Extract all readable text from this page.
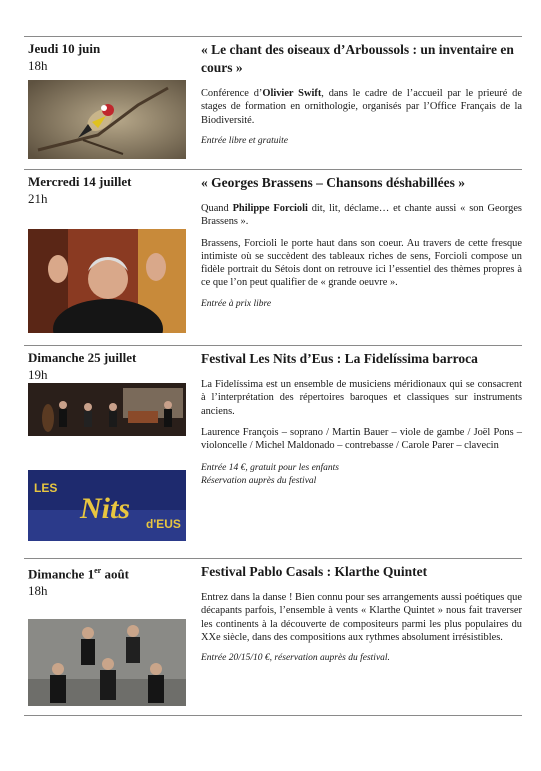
Jeudi 10 juin
18h
« Le chant des oiseaux d’Arboussols : un inventaire en cours »

Conférence d’Olivier Swift, dans le cadre de l’accueil par le prieuré de stages de formation en ornithologie, organisés par l’Office Français de la Biodiversité.

Entrée libre et gratuite

Mercredi 14 juillet
21h
« Georges Brassens – Chansons déshabillées »

Quand Philippe Forcioli dit, lit, déclame… et chante aussi « son Georges Brassens ».

Brassens, Forcioli le porte haut dans son coeur. Au travers de cette fresque intimiste où se succèdent des tableaux riches de sens, Forcioli compose un fidèle portrait du Sétois dont on retrouve ici l’essentiel des thèmes propres à ce que l’on peut qualifier de « grande oeuvre ».

Entrée à prix libre

Dimanche 25 juillet
19h
LES
Nits d'EUS
Festival Les Nits d’Eus : La Fidelíssima barroca

La Fidelíssima est un ensemble de musiciens méridionaux qui se consacrent à l’interprétation des répertoires baroques et classiques sur instruments anciens.

Laurence François – soprano / Martin Bauer – viole de gambe / Joël Pons – violoncelle / Michel Maldonado – contrebasse / Carole Parer – clavecin

Entrée 14 €, gratuit pour les enfants

Réservation auprès du festival

Dimanche 1er août
18h
Festival Pablo Casals : Klarthe Quintet

Entrez dans la danse ! Bien connu pour ses arrangements aussi poétiques que décapants parfois, l’ensemble à vents « Klarthe Quintet » nous fait traverser les continents à la découverte de compositeurs parmi les plus populaires du XXe siècle, dans des compositions aux rythmes absolument irrésistibles.

Entrée 20/15/10 €, réservation auprès du festival.
